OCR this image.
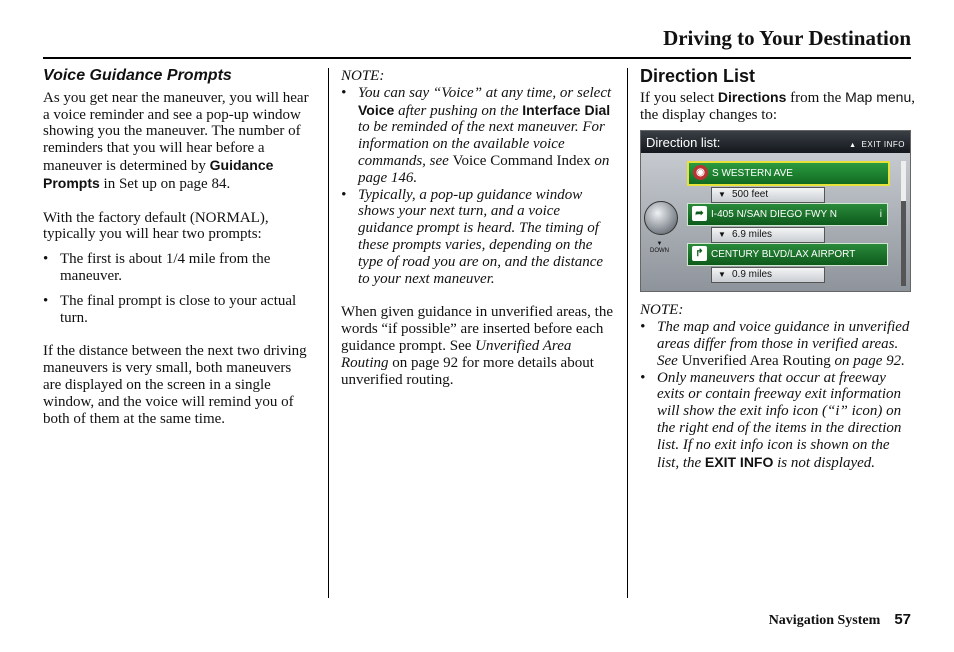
Driving to Your Destination
Voice Guidance Prompts

As you get near the maneuver, you will hear a voice reminder and see a pop-up window showing you the maneuver. The number of reminders that you will hear before a maneuver is determined by Guidance Prompts in Set up on page 84.

With the factory default (NORMAL), typically you will hear two prompts:

• The first is about 1/4 mile from the maneuver.
• The final prompt is close to your actual turn.

If the distance between the next two driving maneuvers is very small, both maneuvers are displayed on the screen in a single window, and the voice will remind you of both of them at the same time.

NOTE:

• You can say “Voice” at any time, or select Voice after pushing on the Interface Dial to be reminded of the next maneuver. For information on the available voice commands, see Voice Command Index on page 146.
• Typically, a pop-up guidance window shows your next turn, and a voice guidance prompt is heard. The timing of these prompts varies, depending on the type of road you are on, and the distance to your next maneuver.

When given guidance in unverified areas, the words “if possible” are inserted before each guidance prompt. See Unverified Area Routing on page 92 for more details about unverified routing.

Direction List

If you select Directions from the Map menu, the display changes to:

Direction list:
▲	EXIT INFO
▼
DOWN
◉ S WESTERN AVE
▼ 500 feet
➦ I-405 N/SAN DIEGO FWY N	i
▼ 6.9 miles
↱ CENTURY BLVD/LAX AIRPORT
▼ 0.9 miles

NOTE:

• The map and voice guidance in unverified areas differ from those in verified areas. See Unverified Area Routing on page 92.
• Only maneuvers that occur at freeway exits or contain freeway exit information will show the exit info icon (“i” icon) on the right end of the items in the direction list. If no exit info icon is shown on the list, the EXIT INFO is not displayed.
Navigation System 57
